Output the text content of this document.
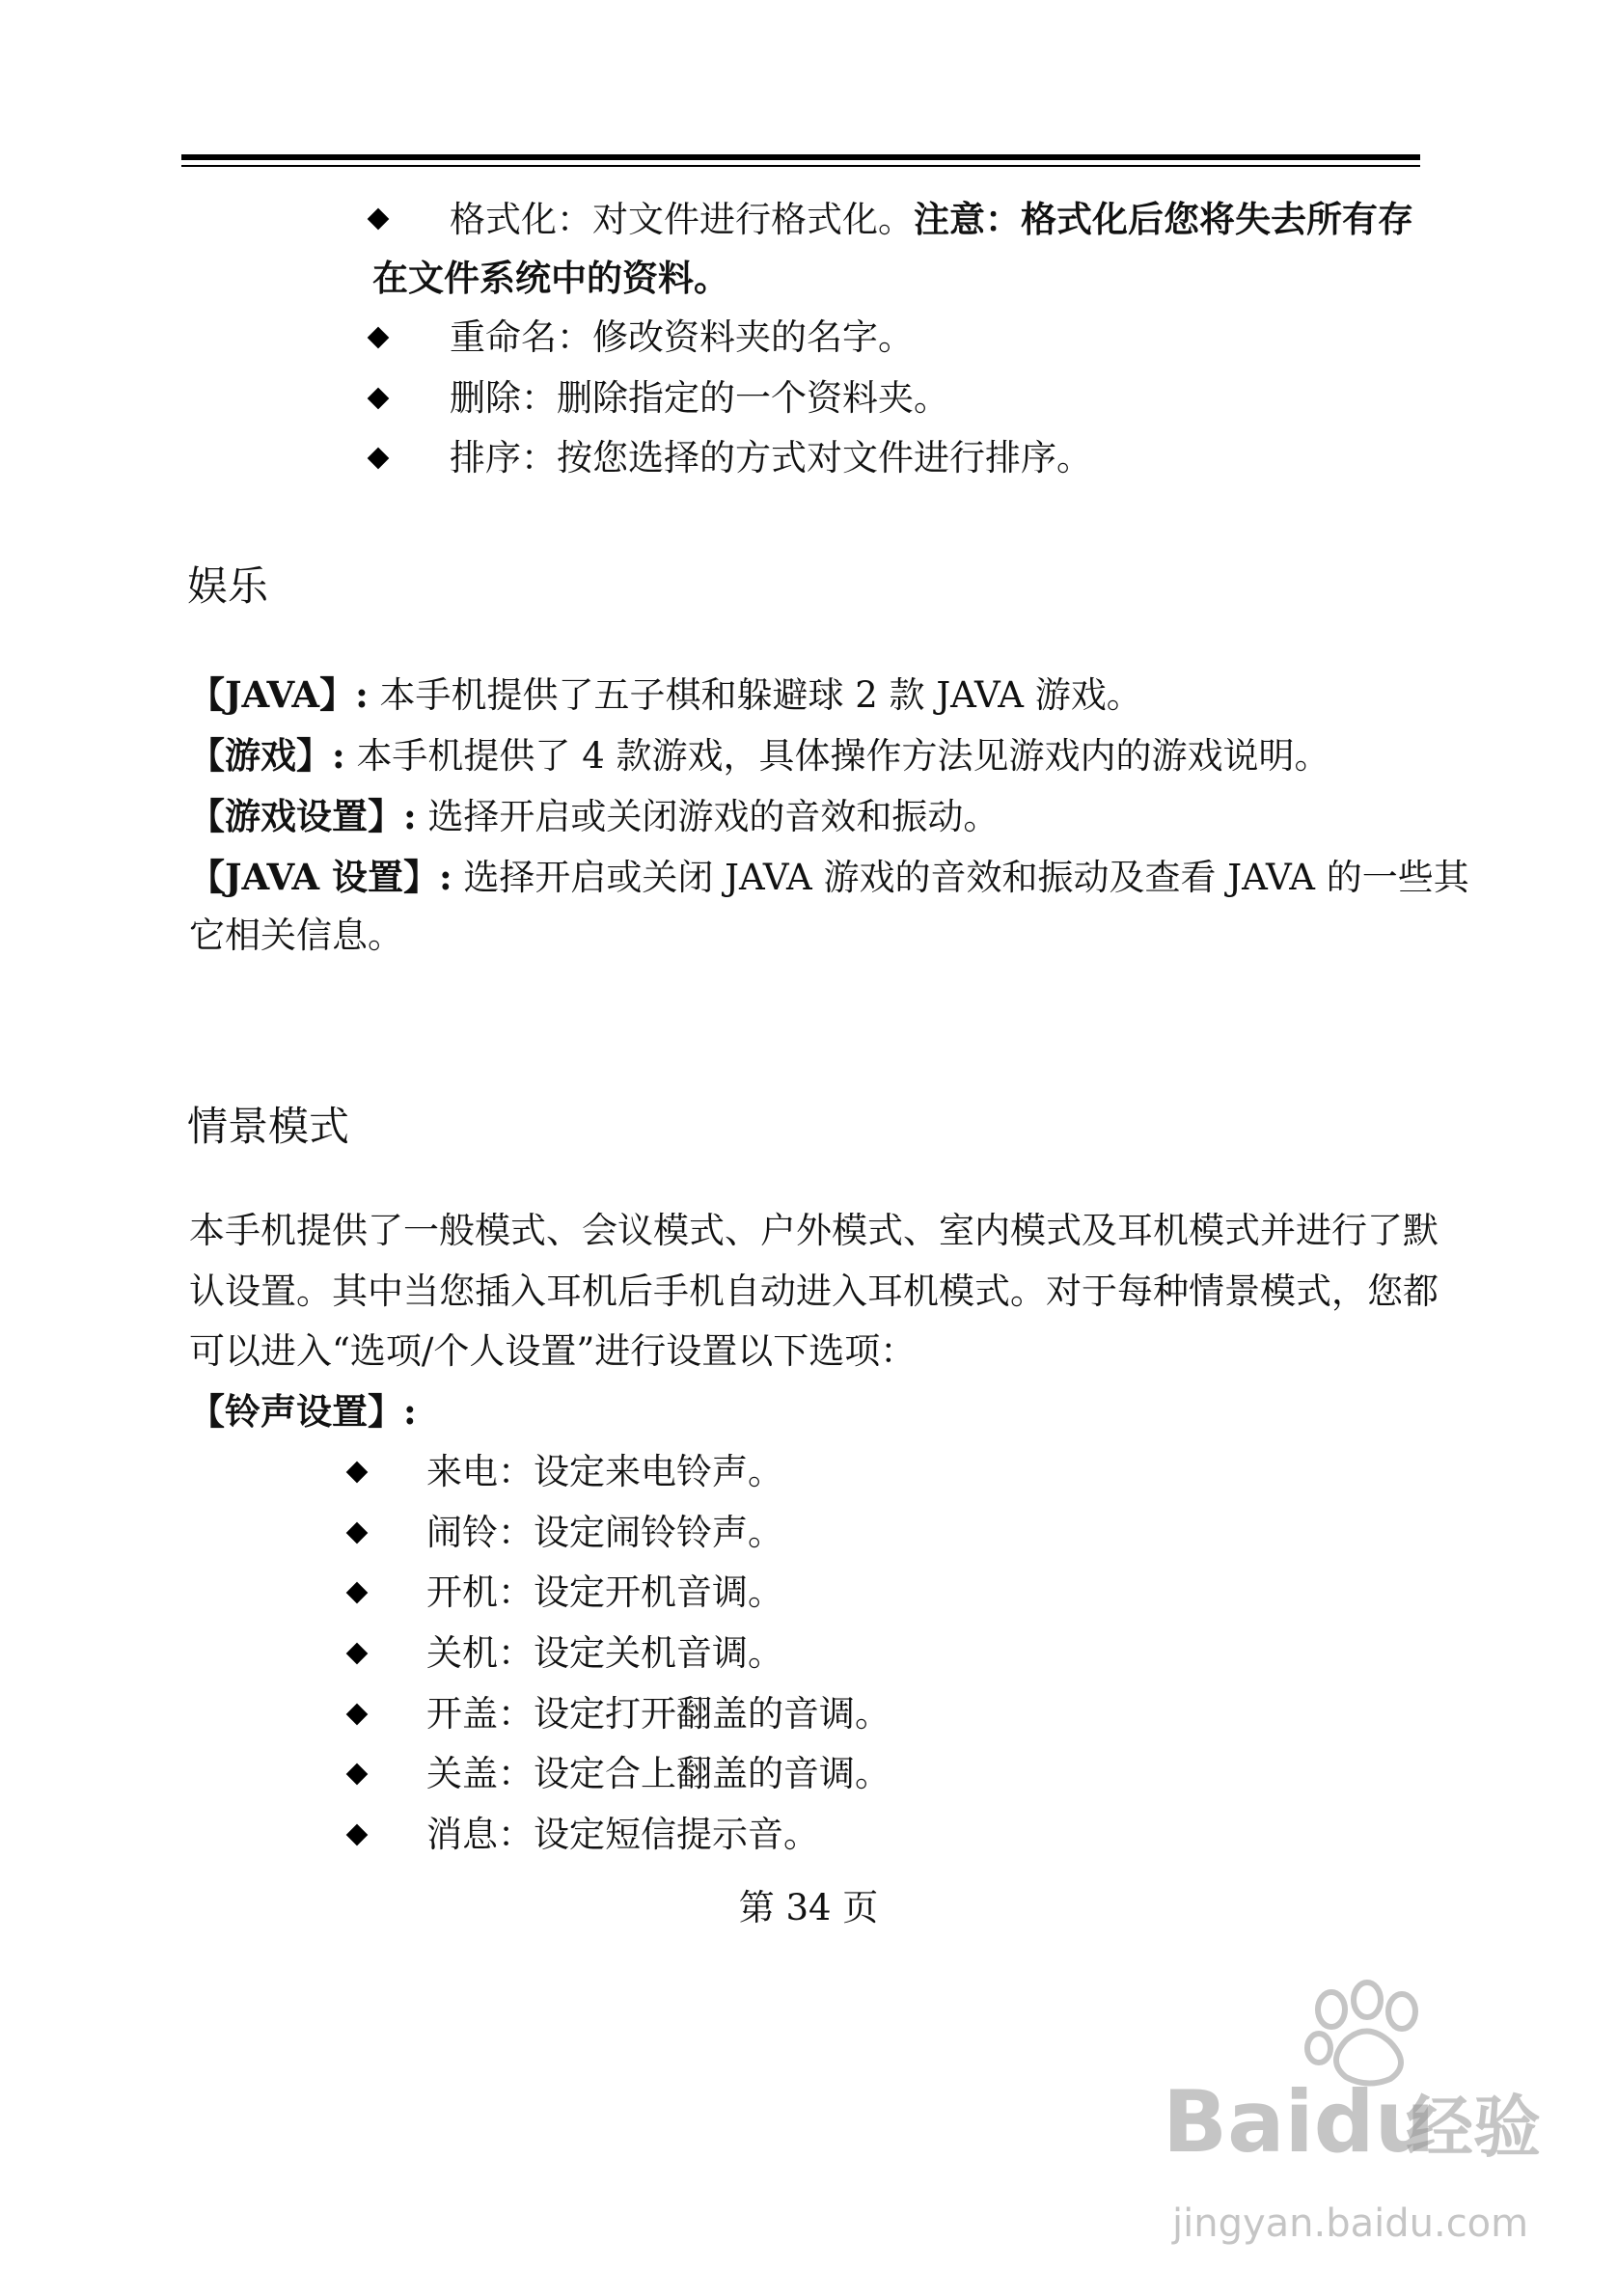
格式化：对文件进行格式化。注意：格式化后您将失去所有存
在文件系统中的资料。
重命名：修改资料夹的名字。
删除：删除指定的一个资料夹。
排序：按您选择的方式对文件进行排序。
娱乐
【JAVA】: 本手机提供了五子棋和躲避球 2 款 JAVA 游戏。
【游戏】: 本手机提供了 4 款游戏，具体操作方法见游戏内的游戏说明。
【游戏设置】: 选择开启或关闭游戏的音效和振动。
【JAVA 设置】: 选择开启或关闭 JAVA 游戏的音效和振动及查看 JAVA 的一些其
它相关信息。
情景模式
本手机提供了一般模式、会议模式、户外模式、室内模式及耳机模式并进行了默
认设置。其中当您插入耳机后手机自动进入耳机模式。对于每种情景模式，您都
可以进入“选项/个人设置”进行设置以下选项：
【铃声设置】:
来电：设定来电铃声。
闹铃：设定闹铃铃声。
开机：设定开机音调。
关机：设定关机音调。
开盖：设定打开翻盖的音调。
关盖：设定合上翻盖的音调。
消息：设定短信提示音。
第 34 页
Baidu
经验
jingyan.baidu.com
